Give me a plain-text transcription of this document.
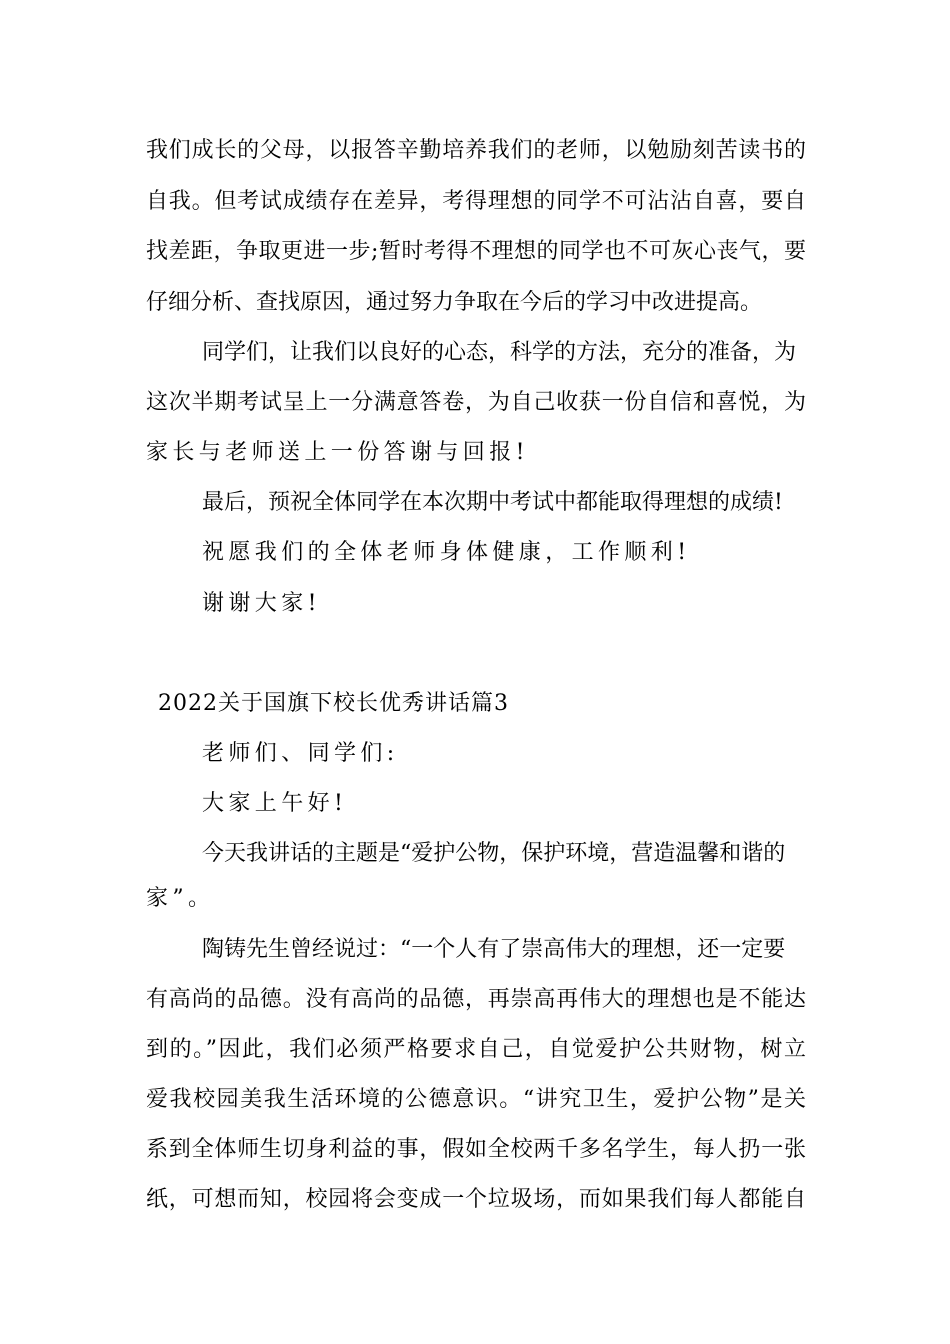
我们成长的父母，以报答辛勤培养我们的老师，以勉励刻苦读书的
自我。但考试成绩存在差异，考得理想的同学不可沾沾自喜，要自
找差距，争取更进一步;暂时考得不理想的同学也不可灰心丧气，要
仔细分析、查找原因，通过努力争取在今后的学习中改进提高。
同学们，让我们以良好的心态，科学的方法，充分的准备，为
这次半期考试呈上一分满意答卷，为自己收获一份自信和喜悦，为
家长与老师送上一份答谢与回报!
最后，预祝全体同学在本次期中考试中都能取得理想的成绩!
祝愿我们的全体老师身体健康，工作顺利!
谢谢大家!
2022关于国旗下校长优秀讲话篇3
老师们、同学们:
大家上午好!
今天我讲话的主题是“爱护公物，保护环境，营造温馨和谐的
家”。
陶铸先生曾经说过：“一个人有了崇高伟大的理想，还一定要
有高尚的品德。没有高尚的品德，再崇高再伟大的理想也是不能达
到的。”因此，我们必须严格要求自己，自觉爱护公共财物，树立
爱我校园美我生活环境的公德意识。“讲究卫生，爱护公物”是关
系到全体师生切身利益的事，假如全校两千多名学生，每人扔一张
纸，可想而知，校园将会变成一个垃圾场，而如果我们每人都能自
